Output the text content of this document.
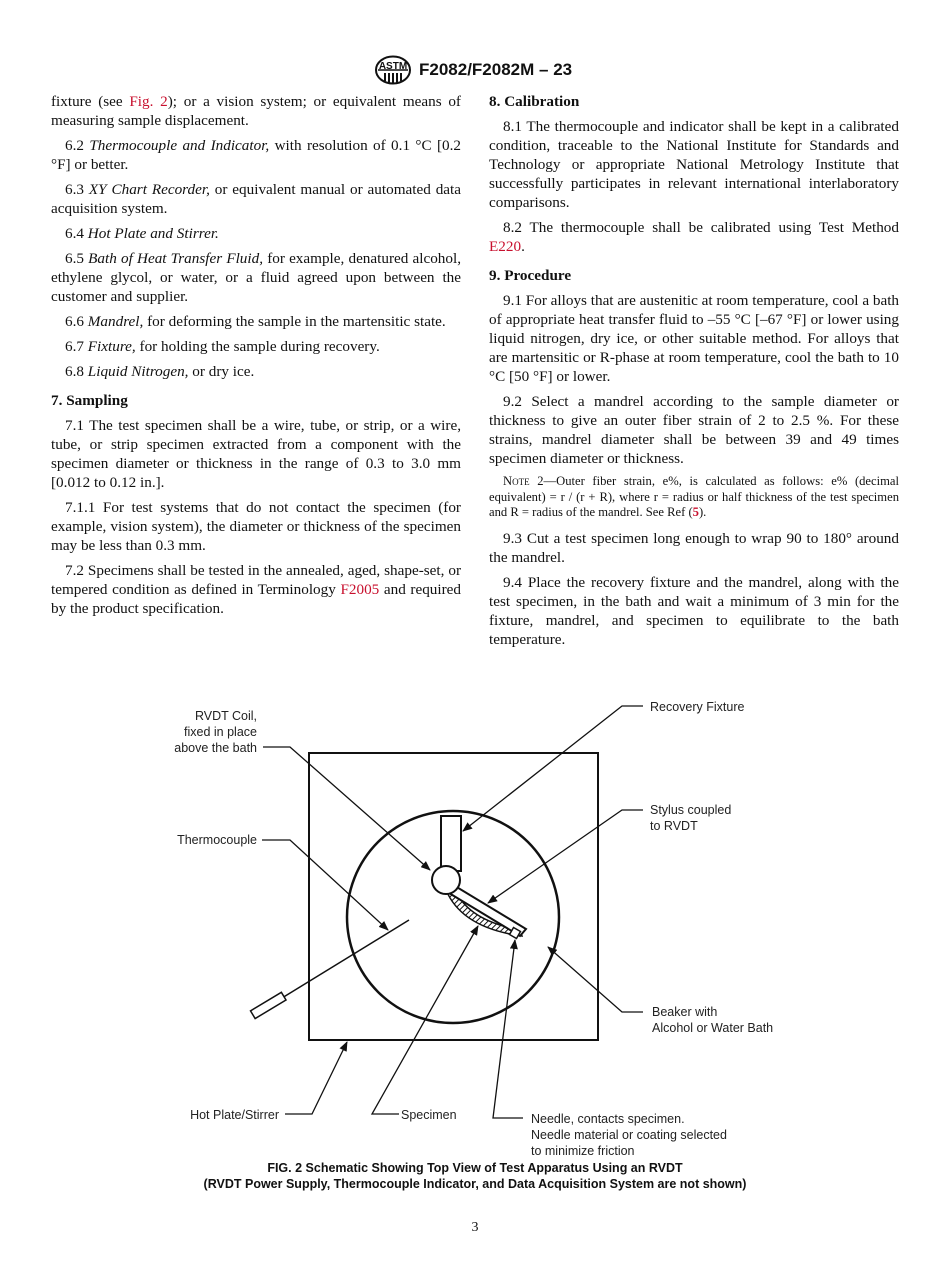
ASTM F2082/F2082M – 23

fixture (see Fig. 2); or a vision system; or equivalent means of measuring sample displacement.

6.2 Thermocouple and Indicator, with resolution of 0.1 °C [0.2 °F] or better.

6.3 XY Chart Recorder, or equivalent manual or automated data acquisition system.

6.4 Hot Plate and Stirrer.

6.5 Bath of Heat Transfer Fluid, for example, denatured alcohol, ethylene glycol, or water, or a fluid agreed upon between the customer and supplier.

6.6 Mandrel, for deforming the sample in the martensitic state.

6.7 Fixture, for holding the sample during recovery.

6.8 Liquid Nitrogen, or dry ice.

7. Sampling

7.1 The test specimen shall be a wire, tube, or strip, or a wire, tube, or strip specimen extracted from a component with the specimen diameter or thickness in the range of 0.3 to 3.0 mm [0.012 to 0.12 in.].

7.1.1 For test systems that do not contact the specimen (for example, vision system), the diameter or thickness of the specimen may be less than 0.3 mm.

7.2 Specimens shall be tested in the annealed, aged, shape-set, or tempered condition as defined in Terminology F2005 and required by the product specification.

8. Calibration

8.1 The thermocouple and indicator shall be kept in a calibrated condition, traceable to the National Institute for Standards and Technology or appropriate National Metrology Institute that successfully participates in relevant international interlaboratory comparisons.

8.2 The thermocouple shall be calibrated using Test Method E220.

9. Procedure

9.1 For alloys that are austenitic at room temperature, cool a bath of appropriate heat transfer fluid to –55 °C [–67 °F] or lower using liquid nitrogen, dry ice, or other suitable method. For alloys that are martensitic or R-phase at room temperature, cool the bath to 10 °C [50 °F] or lower.

9.2 Select a mandrel according to the sample diameter or thickness to give an outer fiber strain of 2 to 2.5 %. For these strains, mandrel diameter shall be between 39 and 49 times specimen diameter or thickness.

Note 2—Outer fiber strain, e%, is calculated as follows: e% (decimal equivalent) = r / (r + R), where r = radius or half thickness of the test specimen and R = radius of the mandrel. See Ref (5).

9.3 Cut a test specimen long enough to wrap 90 to 180° around the mandrel.

9.4 Place the recovery fixture and the mandrel, along with the test specimen, in the bath and wait a minimum of 3 min for the fixture, mandrel, and specimen to equilibrate to the bath temperature.

RVDT Coil,
fixed in place
above the bath
Recovery Fixture
Stylus coupled
to RVDT
Thermocouple
Beaker with
Alcohol or Water Bath
Hot Plate/Stirrer	Specimen	Needle, contacts specimen.
Needle material or coating selected
to minimize friction
FIG. 2 Schematic Showing Top View of Test Apparatus Using an RVDT
(RVDT Power Supply, Thermocouple Indicator, and Data Acquisition System are not shown)
3
